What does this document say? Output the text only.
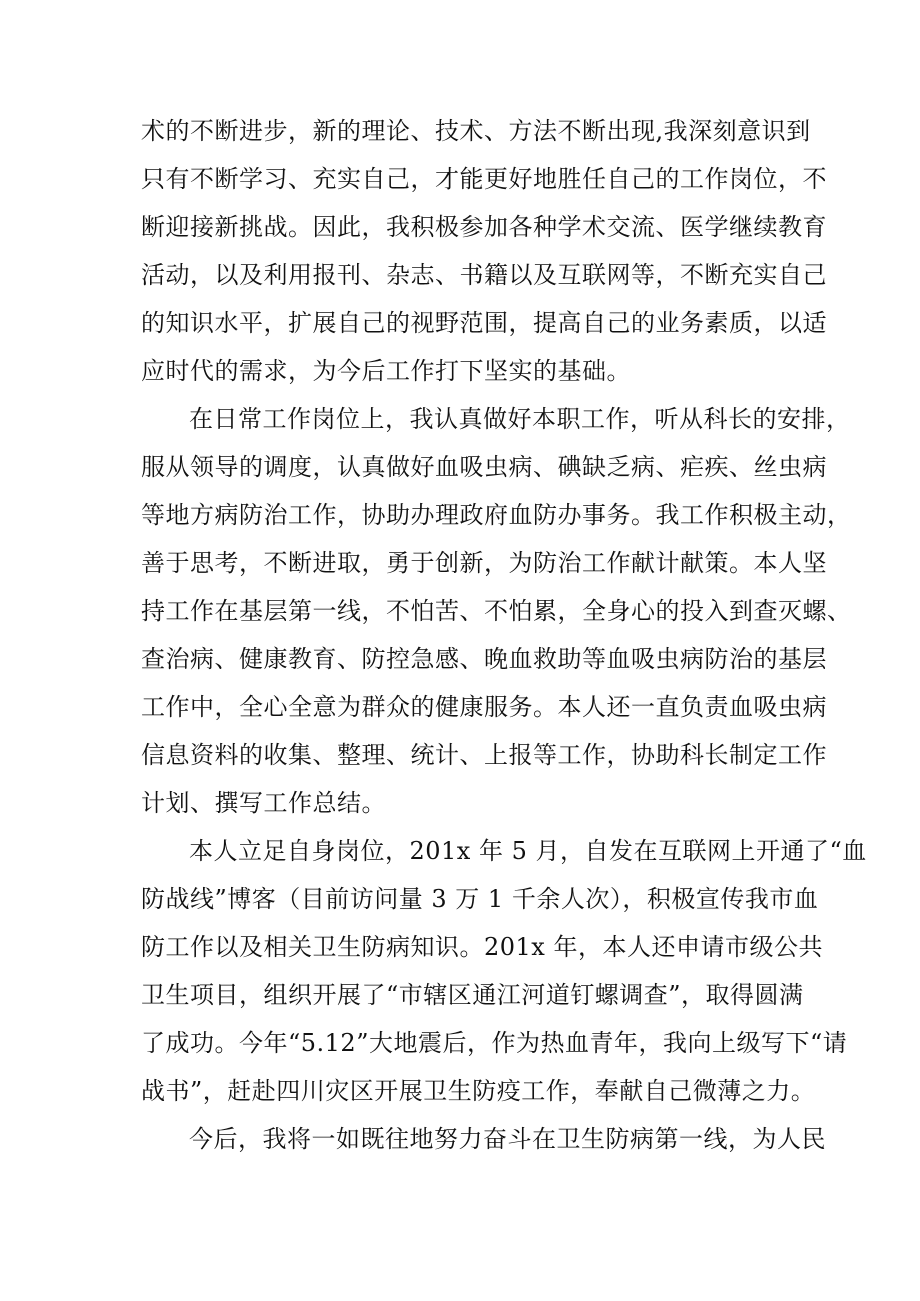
术的不断进步，新的理论、技术、方法不断出现,我深刻意识到
只有不断学习、充实自己，才能更好地胜任自己的工作岗位，不
断迎接新挑战。因此，我积极参加各种学术交流、医学继续教育
活动，以及利用报刊、杂志、书籍以及互联网等，不断充实自己
的知识水平，扩展自己的视野范围，提高自己的业务素质，以适
应时代的需求，为今后工作打下坚实的基础。
在日常工作岗位上，我认真做好本职工作，听从科长的安排，
服从领导的调度，认真做好血吸虫病、碘缺乏病、疟疾、丝虫病
等地方病防治工作，协助办理政府血防办事务。我工作积极主动，
善于思考，不断进取，勇于创新，为防治工作献计献策。本人坚
持工作在基层第一线，不怕苦、不怕累，全身心的投入到查灭螺、
查治病、健康教育、防控急感、晚血救助等血吸虫病防治的基层
工作中，全心全意为群众的健康服务。本人还一直负责血吸虫病
信息资料的收集、整理、统计、上报等工作，协助科长制定工作
计划、撰写工作总结。
本人立足自身岗位，201x 年 5 月，自发在互联网上开通了“血
防战线”博客（目前访问量 3 万 1 千余人次），积极宣传我市血
防工作以及相关卫生防病知识。201x 年，本人还申请市级公共
卫生项目，组织开展了“市辖区通江河道钉螺调查”，取得圆满
了成功。今年“5.12”大地震后，作为热血青年，我向上级写下“请
战书”，赶赴四川灾区开展卫生防疫工作，奉献自己微薄之力。
今后，我将一如既往地努力奋斗在卫生防病第一线，为人民
